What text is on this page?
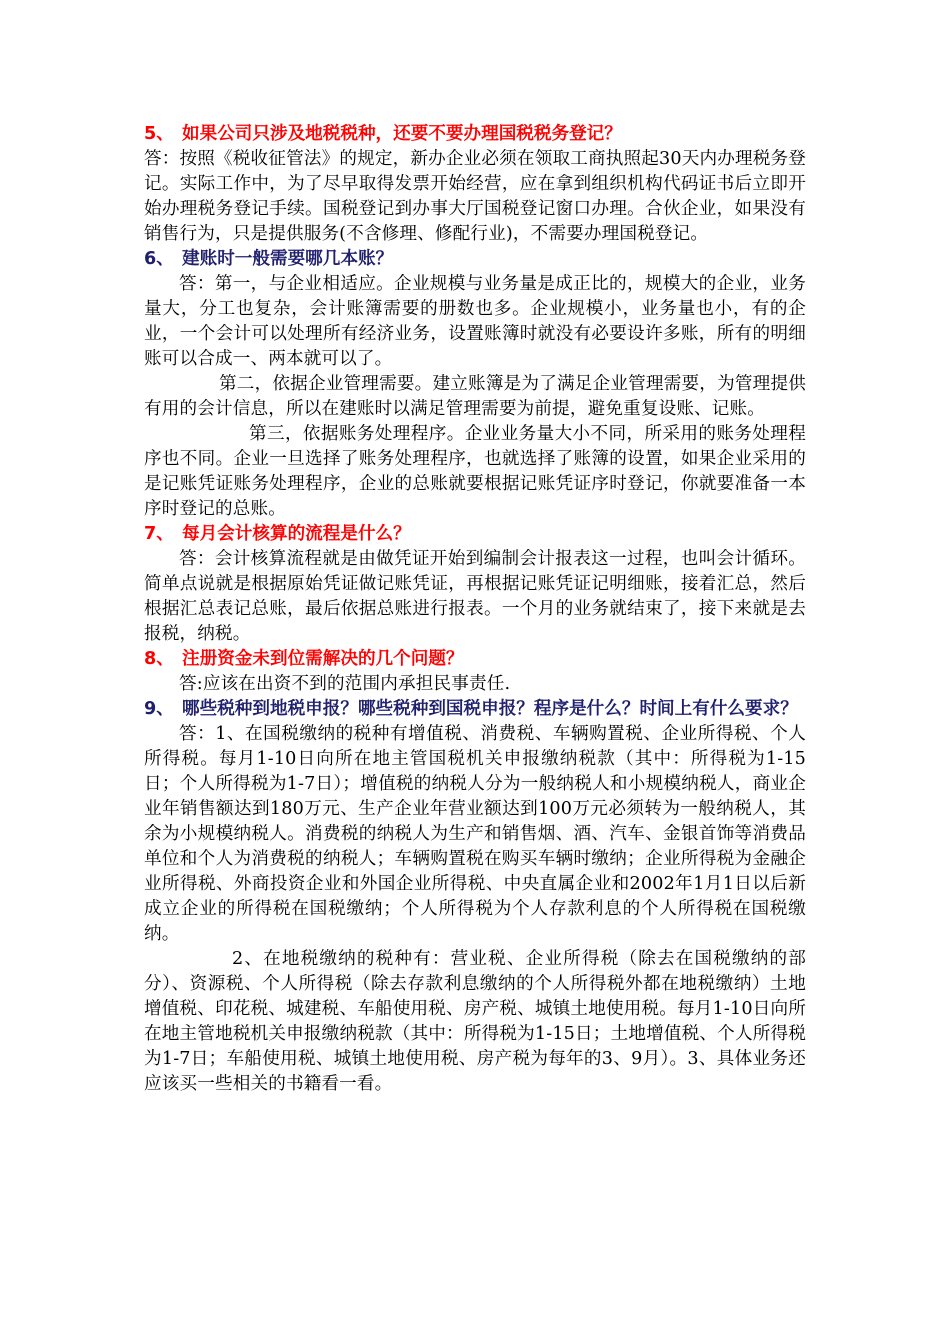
5、 如果公司只涉及地税税种，还要不要办理国税税务登记？

答：按照《税收征管法》的规定，新办企业必须在领取工商执照起30天内办理税务登记。实际工作中，为了尽早取得发票开始经营，应在拿到组织机构代码证书后立即开始办理税务登记手续。国税登记到办事大厅国税登记窗口办理。合伙企业，如果没有销售行为，只是提供服务(不含修理、修配行业)，不需要办理国税登记。

6、 建账时一般需要哪几本账？

答：第一，与企业相适应。企业规模与业务量是成正比的，规模大的企业，业务量大，分工也复杂，会计账簿需要的册数也多。企业规模小，业务量也小，有的企业，一个会计可以处理所有经济业务，设置账簿时就没有必要设许多账，所有的明细账可以合成一、两本就可以了。

第二，依据企业管理需要。建立账簿是为了满足企业管理需要，为管理提供有用的会计信息，所以在建账时以满足管理需要为前提，避免重复设账、记账。

第三，依据账务处理程序。企业业务量大小不同，所采用的账务处理程序也不同。企业一旦选择了账务处理程序，也就选择了账簿的设置，如果企业采用的是记账凭证账务处理程序，企业的总账就要根据记账凭证序时登记，你就要准备一本序时登记的总账。

7、 每月会计核算的流程是什么？

答：会计核算流程就是由做凭证开始到编制会计报表这一过程，也叫会计循环。简单点说就是根据原始凭证做记账凭证，再根据记账凭证记明细账，接着汇总，然后根据汇总表记总账，最后依据总账进行报表。一个月的业务就结束了，接下来就是去报税，纳税。

8、 注册资金未到位需解决的几个问题？

答:应该在出资不到的范围内承担民事责任.

9、 哪些税种到地税申报？哪些税种到国税申报？程序是什么？时间上有什么要求？

答：1、在国税缴纳的税种有增值税、消费税、车辆购置税、企业所得税、个人所得税。每月1-10日向所在地主管国税机关申报缴纳税款（其中：所得税为1-15日；个人所得税为1-7日）；增值税的纳税人分为一般纳税人和小规模纳税人，商业企业年销售额达到180万元、生产企业年营业额达到100万元必须转为一般纳税人，其余为小规模纳税人。消费税的纳税人为生产和销售烟、酒、汽车、金银首饰等消费品单位和个人为消费税的纳税人；车辆购置税在购买车辆时缴纳；企业所得税为金融企业所得税、外商投资企业和外国企业所得税、中央直属企业和2002年1月1日以后新成立企业的所得税在国税缴纳；个人所得税为个人存款利息的个人所得税在国税缴纳。

2、在地税缴纳的税种有：营业税、企业所得税（除去在国税缴纳的部分）、资源税、个人所得税（除去存款利息缴纳的个人所得税外都在地税缴纳）土地增值税、印花税、城建税、车船使用税、房产税、城镇土地使用税。每月1-10日向所在地主管地税机关申报缴纳税款（其中：所得税为1-15日；土地增值税、个人所得税为1-7日；车船使用税、城镇土地使用税、房产税为每年的3、9月）。3、具体业务还应该买一些相关的书籍看一看。
